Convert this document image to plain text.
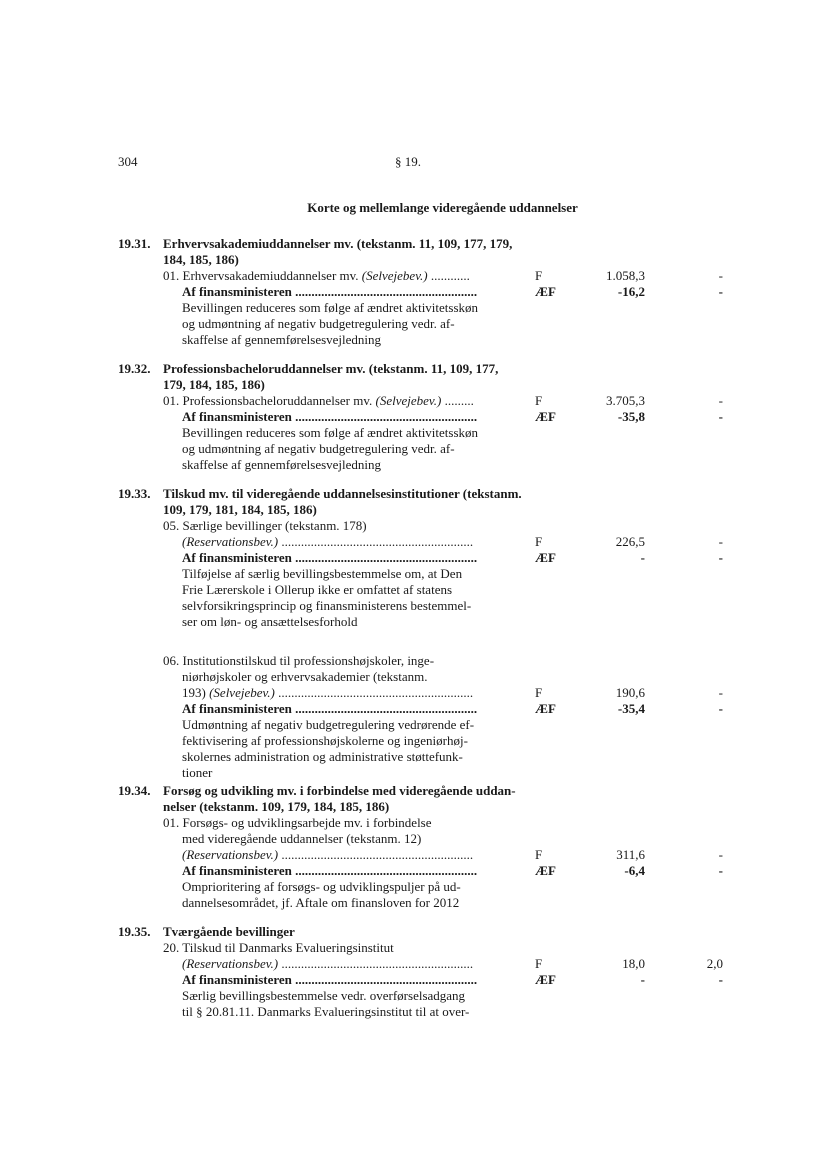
304	§ 19.
Korte og mellemlange videregående uddannelser
19.31. Erhvervsakademiuddannelser mv. (tekstanm. 11, 109, 177, 179,
184, 185, 186)
01. Erhvervsakademiuddannelser mv. (Selvejebev.) ............	F	1.058,3	-
Af finansministeren ........................................................	ÆF	-16,2	-
Bevillingen reduceres som følge af ændret aktivitetsskøn
og udmøntning af negativ budgetregulering vedr. af-
skaffelse af gennemførelsesvejledning
19.32. Professionsbacheloruddannelser mv. (tekstanm. 11, 109, 177,
179, 184, 185, 186)
01. Professionsbacheloruddannelser mv. (Selvejebev.) .........	F	3.705,3	-
Af finansministeren ........................................................	ÆF	-35,8	-
Bevillingen reduceres som følge af ændret aktivitetsskøn
og udmøntning af negativ budgetregulering vedr. af-
skaffelse af gennemførelsesvejledning
19.33. Tilskud mv. til videregående uddannelsesinstitutioner (tekstanm.
109, 179, 181, 184, 185, 186)
05. Særlige bevillinger (tekstanm. 178)
(Reservationsbev.) ...........................................................	F	226,5	-
Af finansministeren ........................................................	ÆF	-	-
Tilføjelse af særlig bevillingsbestemmelse om, at Den
Frie Lærerskole i Ollerup ikke er omfattet af statens
selvforsikringsprincip og finansministerens bestemmel-
ser om løn- og ansættelsesforhold
06. Institutionstilskud til professionshøjskoler, inge-
niørhøjskoler og erhvervsakademier (tekstanm.
193) (Selvejebev.) ............................................................	F	190,6	-
Af finansministeren ........................................................	ÆF	-35,4	-
Udmøntning af negativ budgetregulering vedrørende ef-
fektivisering af professionshøjskolerne og ingeniørhøj-
skolernes administration og administrative støttefunk-
tioner
19.34. Forsøg og udvikling mv. i forbindelse med videregående uddan-
nelser (tekstanm. 109, 179, 184, 185, 186)
01. Forsøgs- og udviklingsarbejde mv. i forbindelse
med videregående uddannelser (tekstanm. 12)
(Reservationsbev.) ...........................................................	F	311,6	-
Af finansministeren ........................................................	ÆF	-6,4	-
Omprioritering af forsøgs- og udviklingspuljer på ud-
dannelsesområdet, jf. Aftale om finansloven for 2012
19.35. Tværgående bevillinger
20. Tilskud til Danmarks Evalueringsinstitut
(Reservationsbev.) ...........................................................	F	18,0	2,0
Af finansministeren ........................................................	ÆF	-	-
Særlig bevillingsbestemmelse vedr. overførselsadgang
til § 20.81.11. Danmarks Evalueringsinstitut til at over-
